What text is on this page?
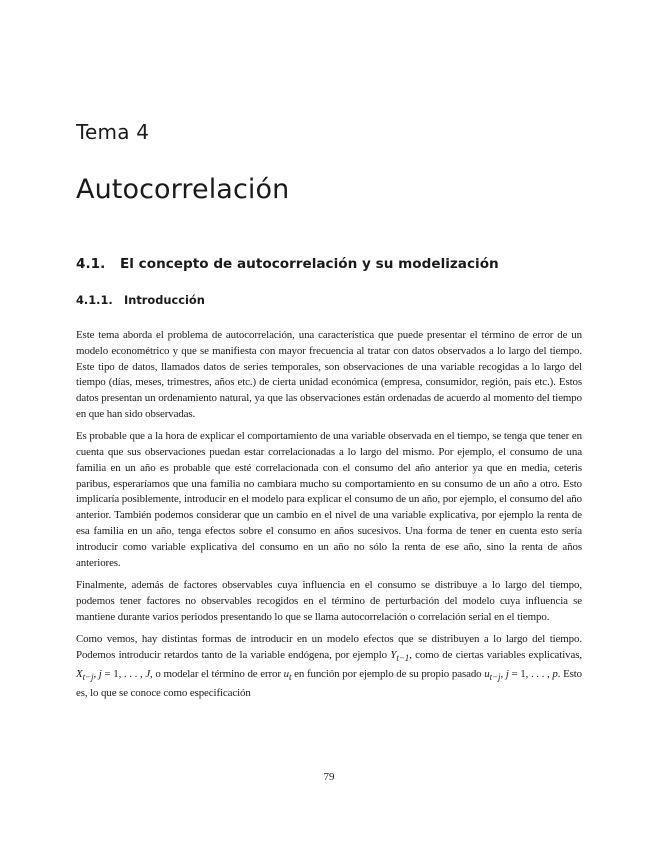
Tema 4
Autocorrelación
4.1. El concepto de autocorrelación y su modelización
4.1.1. Introducción

Este tema aborda el problema de autocorrelación, una característica que puede presentar el término de error de un modelo econométrico y que se manifiesta con mayor frecuencia al tratar con datos observados a lo largo del tiempo. Este tipo de datos, llamados datos de series temporales, son observaciones de una variable recogidas a lo largo del tiempo (días, meses, trimestres, años etc.) de cierta unidad económica (empresa, consumidor, región, país etc.). Estos datos presentan un ordenamiento natural, ya que las observaciones están ordenadas de acuerdo al momento del tiempo en que han sido observadas.

Es probable que a la hora de explicar el comportamiento de una variable observada en el tiempo, se tenga que tener en cuenta que sus observaciones puedan estar correlacionadas a lo largo del mismo. Por ejemplo, el consumo de una familia en un año es probable que esté correlacionada con el consumo del año anterior ya que en media, ceteris paribus, esperaríamos que una familia no cambiara mucho su comportamiento en su consumo de un año a otro. Esto implicaría posiblemente, introducir en el modelo para explicar el consumo de un año, por ejemplo, el consumo del año anterior. También podemos considerar que un cambio en el nivel de una variable explicativa, por ejemplo la renta de esa familia en un año, tenga efectos sobre el consumo en años sucesivos. Una forma de tener en cuenta esto sería introducir como variable explicativa del consumo en un año no sólo la renta de ese año, sino la renta de años anteriores.

Finalmente, además de factores observables cuya influencia en el consumo se distribuye a lo largo del tiempo, podemos tener factores no observables recogidos en el término de perturbación del modelo cuya influencia se mantiene durante varios periodos presentando lo que se llama autocorrelación o correlación serial en el tiempo.

Como vemos, hay distintas formas de introducir en un modelo efectos que se distribuyen a lo largo del tiempo. Podemos introducir retardos tanto de la variable endógena, por ejemplo $Y_{t-1}$, como de ciertas variables explicativas, $X_{t-j}$, j = 1, . . . , J, o modelar el término de error $u_t$ en función por ejemplo de su propio pasado $u_{t-j}$, j = 1, . . . , p. Esto es, lo que se conoce como especificación

79
